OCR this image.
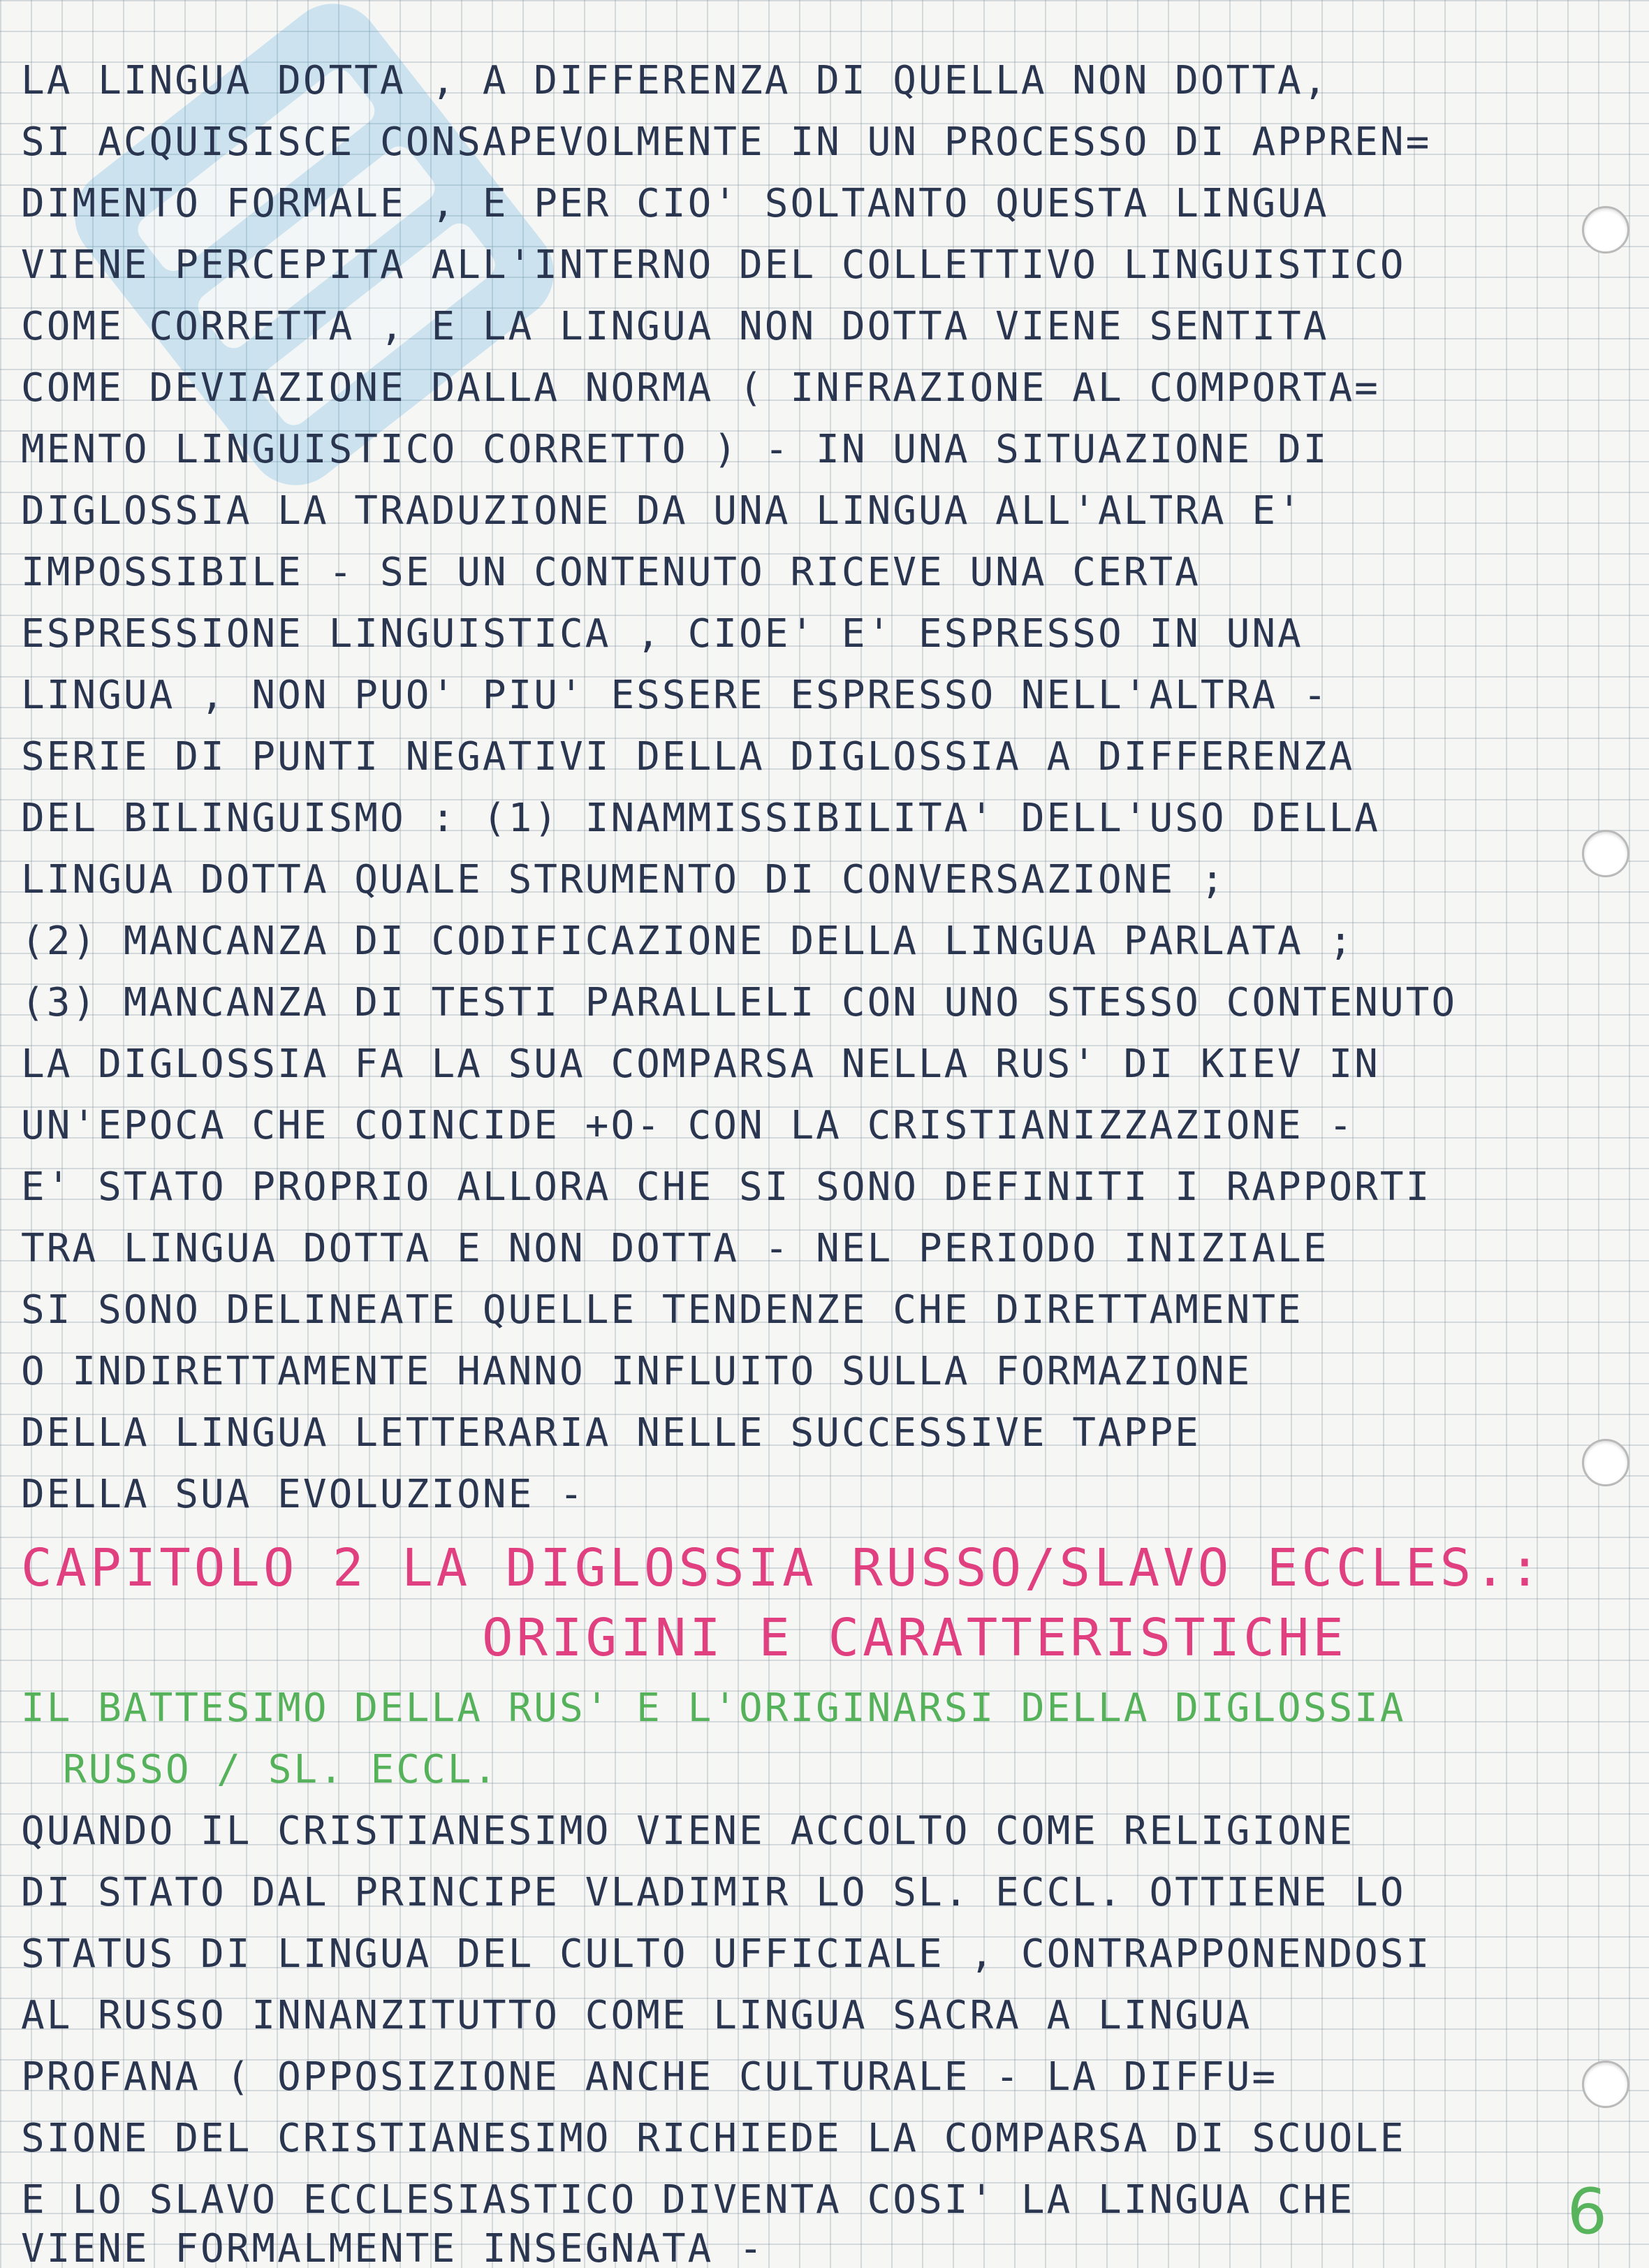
LA LINGUA DOTTA , A DIFFERENZA DI QUELLA NON DOTTA,
SI ACQUISISCE CONSAPEVOLMENTE IN UN PROCESSO DI APPREN=
DIMENTO FORMALE , E PER CIO' SOLTANTO QUESTA LINGUA
VIENE PERCEPITA ALL'INTERNO DEL COLLETTIVO LINGUISTICO
COME CORRETTA , E LA LINGUA NON DOTTA VIENE SENTITA
COME DEVIAZIONE DALLA NORMA ( INFRAZIONE AL COMPORTA=
MENTO LINGUISTICO CORRETTO ) - IN UNA SITUAZIONE DI
DIGLOSSIA LA TRADUZIONE DA UNA LINGUA ALL'ALTRA E'
IMPOSSIBILE - SE UN CONTENUTO RICEVE UNA CERTA
ESPRESSIONE LINGUISTICA , CIOE' E' ESPRESSO IN UNA
LINGUA , NON PUO' PIU' ESSERE ESPRESSO NELL'ALTRA -
SERIE DI PUNTI NEGATIVI DELLA DIGLOSSIA A DIFFERENZA
DEL BILINGUISMO : (1) INAMMISSIBILITA' DELL'USO DELLA
LINGUA DOTTA QUALE STRUMENTO DI CONVERSAZIONE ;
(2) MANCANZA DI CODIFICAZIONE DELLA LINGUA PARLATA ;
(3) MANCANZA DI TESTI PARALLELI CON UNO STESSO CONTENUTO
LA DIGLOSSIA FA LA SUA COMPARSA NELLA RUS' DI KIEV IN
UN'EPOCA CHE COINCIDE +O- CON LA CRISTIANIZZAZIONE -
E' STATO PROPRIO ALLORA CHE SI SONO DEFINITI I RAPPORTI
TRA LINGUA DOTTA E NON DOTTA - NEL PERIODO INIZIALE
SI SONO DELINEATE QUELLE TENDENZE CHE DIRETTAMENTE
O INDIRETTAMENTE HANNO INFLUITO SULLA FORMAZIONE
DELLA LINGUA LETTERARIA NELLE SUCCESSIVE TAPPE
DELLA SUA EVOLUZIONE -
CAPITOLO 2 LA DIGLOSSIA RUSSO/SLAVO ECCLES.:
ORIGINI E CARATTERISTICHE
IL BATTESIMO DELLA RUS' E L'ORIGINARSI DELLA DIGLOSSIA
RUSSO / SL. ECCL.
QUANDO IL CRISTIANESIMO VIENE ACCOLTO COME RELIGIONE
DI STATO DAL PRINCIPE VLADIMIR LO SL. ECCL. OTTIENE LO
STATUS DI LINGUA DEL CULTO UFFICIALE , CONTRAPPONENDOSI
AL RUSSO INNANZITUTTO COME LINGUA SACRA A LINGUA
PROFANA ( OPPOSIZIONE ANCHE CULTURALE - LA DIFFU=
SIONE DEL CRISTIANESIMO RICHIEDE LA COMPARSA DI SCUOLE
E LO SLAVO ECCLESIASTICO DIVENTA COSI' LA LINGUA CHE
VIENE FORMALMENTE INSEGNATA -
6
